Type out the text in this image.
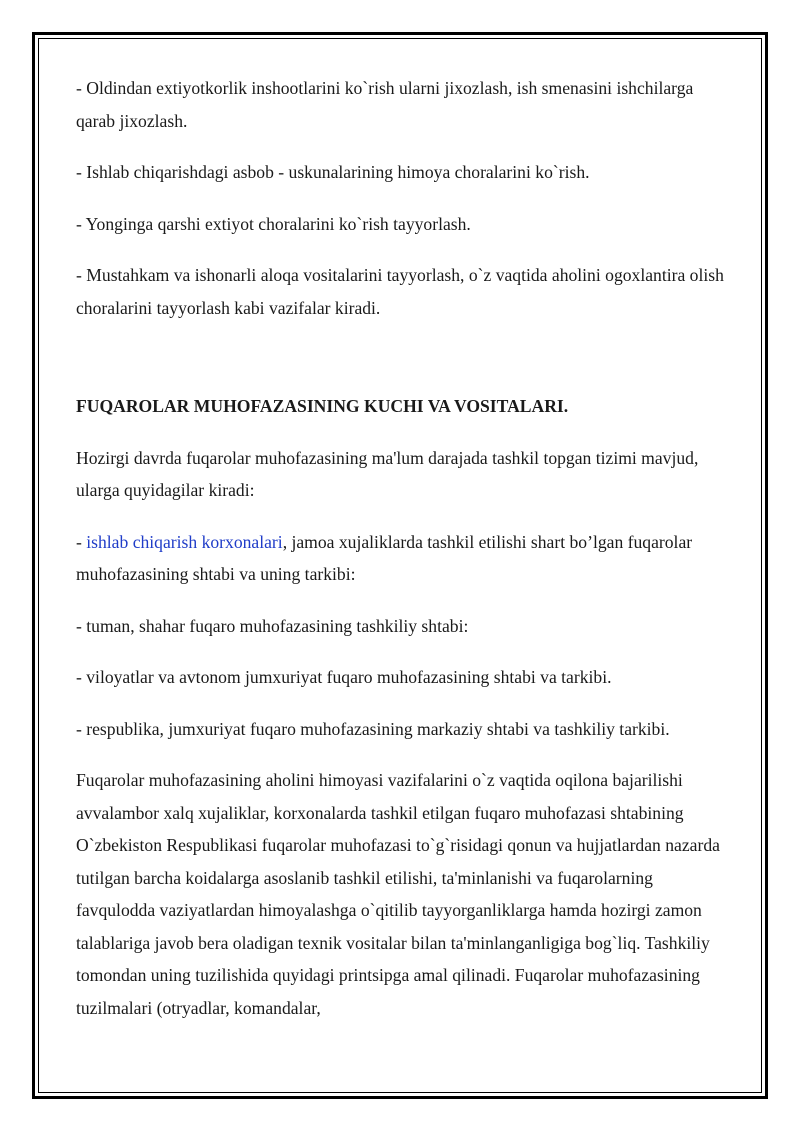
- Oldindan extiyotkorlik inshootlarini ko`rish ularni jixozlash, ish smenasini ishchilarga qarab jixozlash.

- Ishlab chiqarishdagi asbob - uskunalarining himoya choralarini ko`rish.

- Yonginga qarshi extiyot choralarini ko`rish tayyorlash.

- Mustahkam va ishonarli aloqa vositalarini tayyorlash, o`z vaqtida aholini ogoxlantira olish choralarini tayyorlash kabi vazifalar kiradi.

FUQAROLAR MUHOFAZASINING KUCHI VA VOSITALARI.

Hozirgi davrda fuqarolar muhofazasining ma'lum darajada tashkil topgan tizimi mavjud, ularga quyidagilar kiradi:

- ishlab chiqarish korxonalari, jamoa xujaliklarda tashkil etilishi shart bo’lgan fuqarolar muhofazasining shtabi va uning tarkibi:

- tuman, shahar fuqaro muhofazasining tashkiliy shtabi:

- viloyatlar va avtonom jumxuriyat fuqaro muhofazasining shtabi va tarkibi.

- respublika, jumxuriyat fuqaro muhofazasining markaziy shtabi va tashkiliy tarkibi.

Fuqarolar muhofazasining aholini himoyasi vazifalarini o`z vaqtida oqilona bajarilishi avvalambor xalq xujaliklar, korxonalarda tashkil etilgan fuqaro muhofazasi shtabining O`zbekiston Respublikasi fuqarolar muhofazasi to`g`risidagi qonun va hujjatlardan nazarda tutilgan barcha koidalarga asoslanib tashkil etilishi, ta'minlanishi va fuqarolarning favqulodda vaziyatlardan himoyalashga o`qitilib tayyorganliklarga hamda hozirgi zamon talablariga javob bera oladigan texnik vositalar bilan ta'minlanganligiga bog`liq. Tashkiliy tomondan uning tuzilishida quyidagi printsipga amal qilinadi. Fuqarolar muhofazasining tuzilmalari (otryadlar, komandalar,
